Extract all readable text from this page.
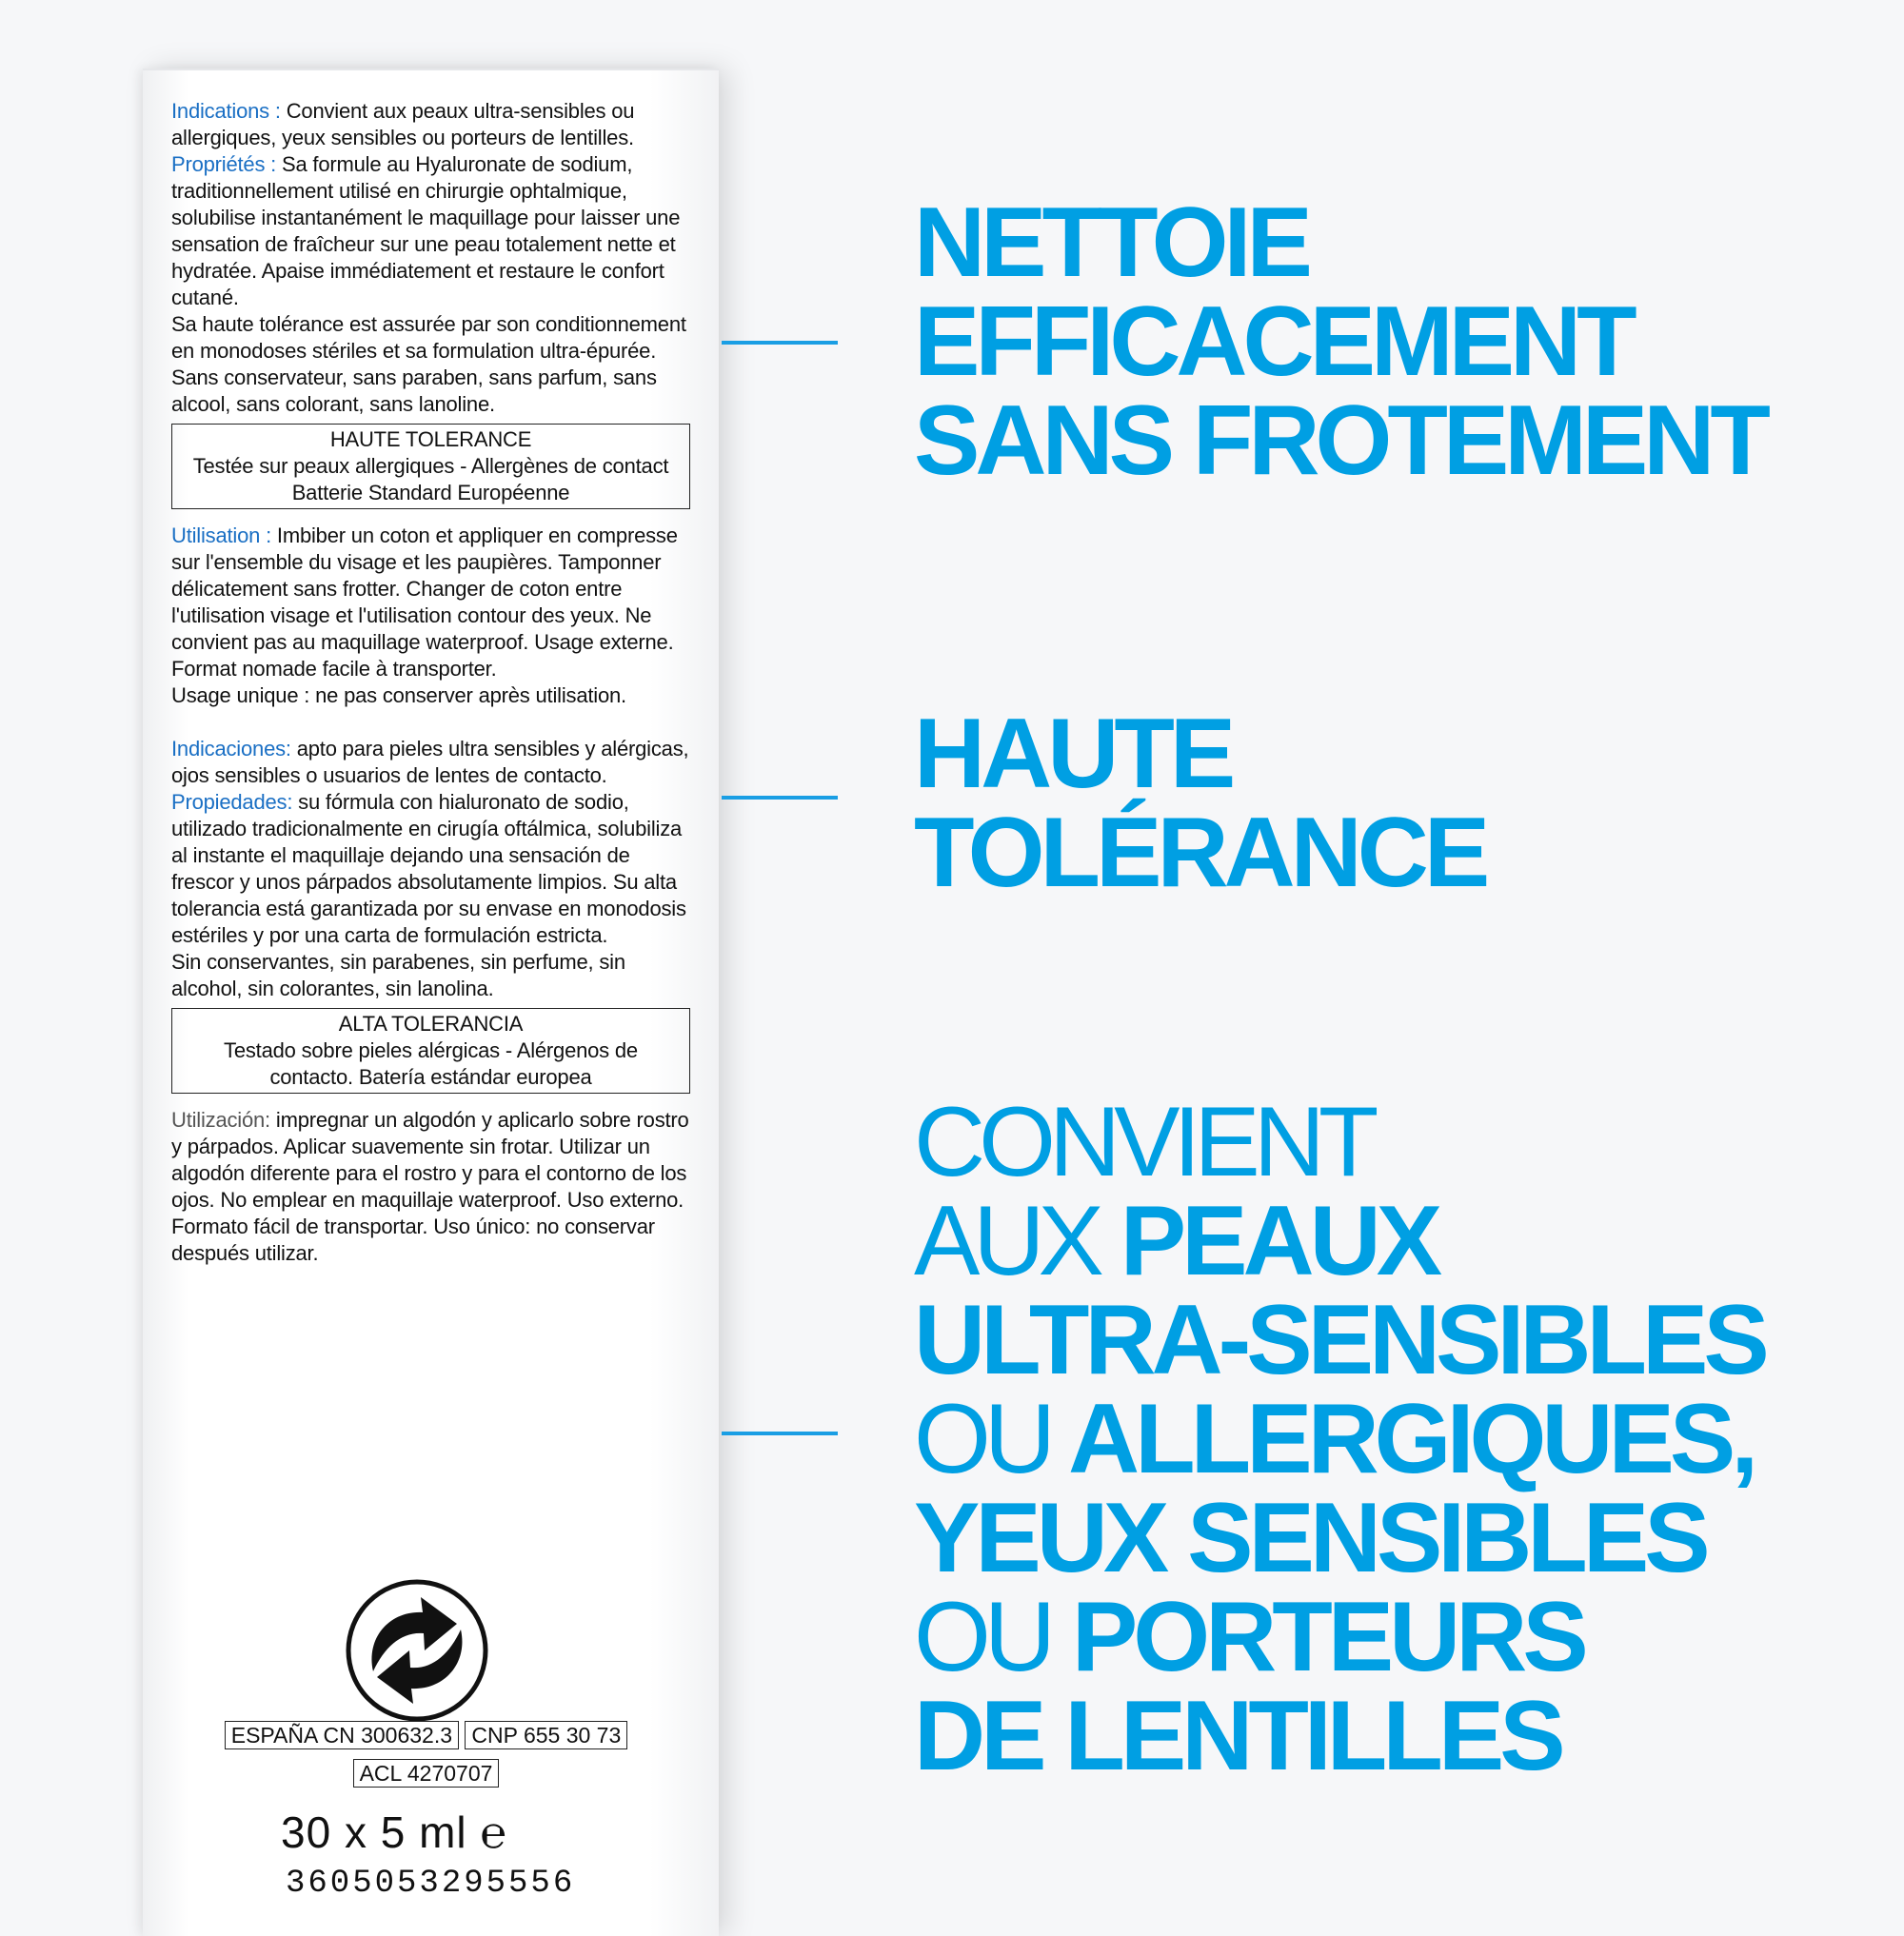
Indications : Convient aux peaux ultra-sensibles ou allergiques, yeux sensibles ou porteurs de lentilles.

Propriétés : Sa formule au Hyaluronate de sodium, traditionnellement utilisé en chirurgie ophtalmique, solubilise instantanément le maquillage pour laisser une sensation de fraîcheur sur une peau totalement nette et hydratée. Apaise immédiatement et restaure le confort cutané.

Sa haute tolérance est assurée par son conditionnement en monodoses stériles et sa formulation ultra-épurée. Sans conservateur, sans paraben, sans parfum, sans alcool, sans colorant, sans lanoline.

HAUTE TOLERANCE
Testée sur peaux allergiques - Allergènes de contact
Batterie Standard Européenne

Utilisation : Imbiber un coton et appliquer en compresse sur l'ensemble du visage et les paupières. Tamponner délicatement sans frotter. Changer de coton entre l'utilisation visage et l'utilisation contour des yeux. Ne convient pas au maquillage waterproof. Usage externe.

Format nomade facile à transporter.

Usage unique : ne pas conserver après utilisation.

Indicaciones: apto para pieles ultra sensibles y alérgicas, ojos sensibles o usuarios de lentes de contacto.

Propiedades: su fórmula con hialuronato de sodio, utilizado tradicionalmente en cirugía oftálmica, solubiliza al instante el maquillaje dejando una sensación de frescor y unos párpados absolutamente limpios. Su alta tolerancia está garantizada por su envase en monodosis estériles y por una carta de formulación estricta.

Sin conservantes, sin parabenes, sin perfume, sin alcohol, sin colorantes, sin lanolina.

ALTA TOLERANCIA
Testado sobre pieles alérgicas - Alérgenos de
contacto. Batería estándar europea

Utilización: impregnar un algodón y aplicarlo sobre rostro y párpados. Aplicar suavemente sin frotar. Utilizar un algodón diferente para el rostro y para el contorno de los ojos. No emplear en maquillaje waterproof. Uso externo. Formato fácil de transportar. Uso único: no conservar después utilizar.

ESPAÑA CN 300632.3 CNP 655 30 73
ACL 4270707
30 x 5 ml ℮
3605053295556
NETTOIE
EFFICACEMENT
SANS FROTEMENT
HAUTE
TOLÉRANCE
CONVIENT
AUX PEAUX
ULTRA-SENSIBLES
OU ALLERGIQUES,
YEUX SENSIBLES
OU PORTEURS
DE LENTILLES
